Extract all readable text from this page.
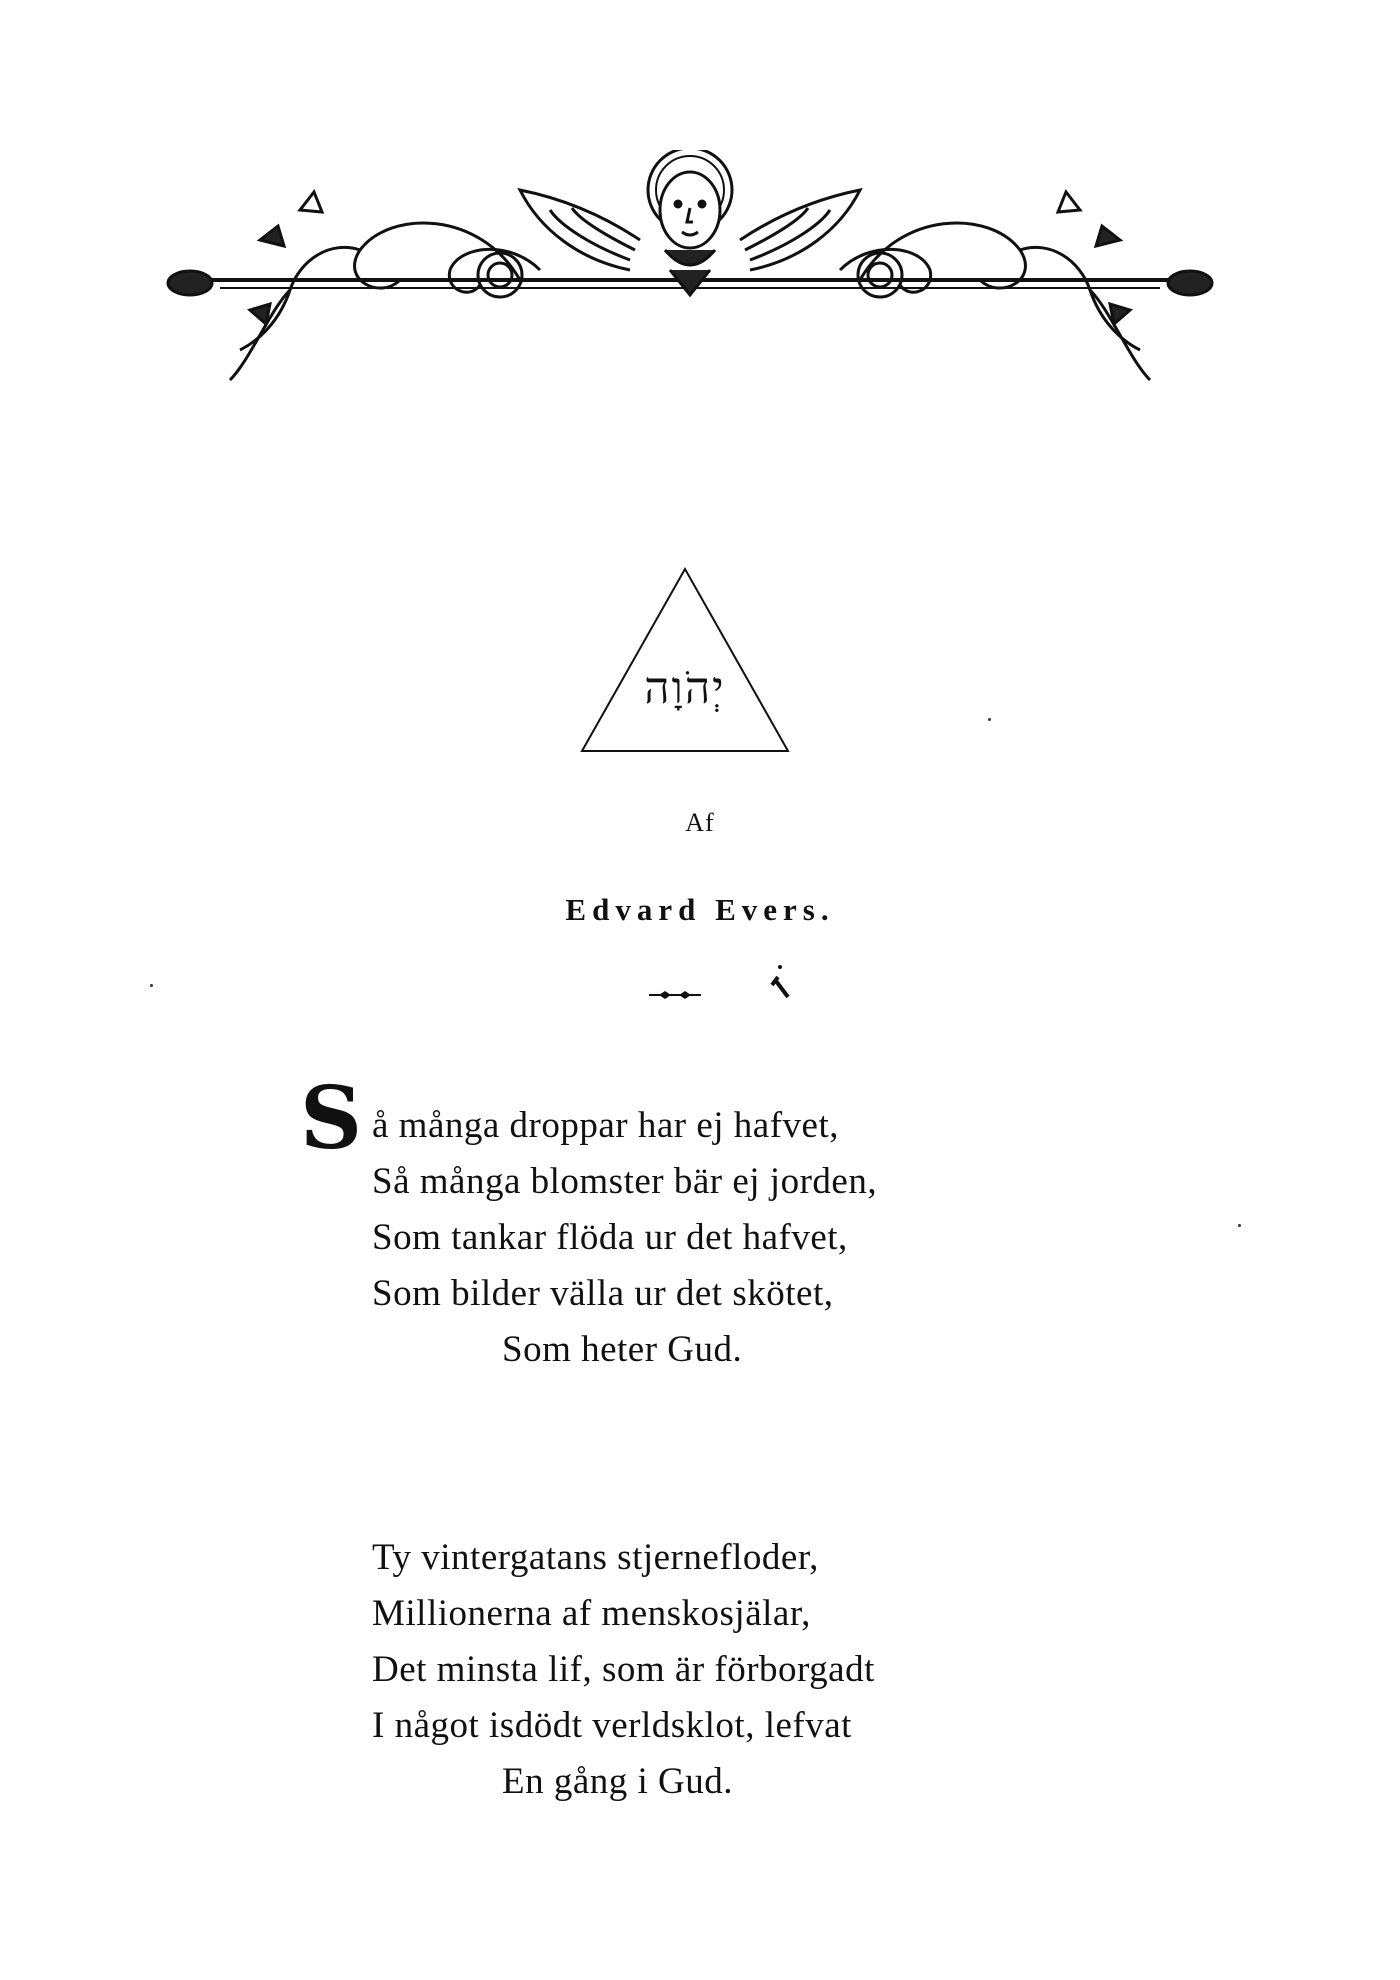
יְהֹוָה
Af
Edvard Evers.
S å många droppar har ej hafvet,
Så många blomster bär ej jorden,
Som tankar flöda ur det hafvet,
Som bilder välla ur det skötet,
Som heter Gud.
Ty vintergatans stjernefloder,
Millionerna af menskosjälar,
Det minsta lif, som är förborgadt
I något isdödt verldsklot, lefvat
En gång i Gud.
